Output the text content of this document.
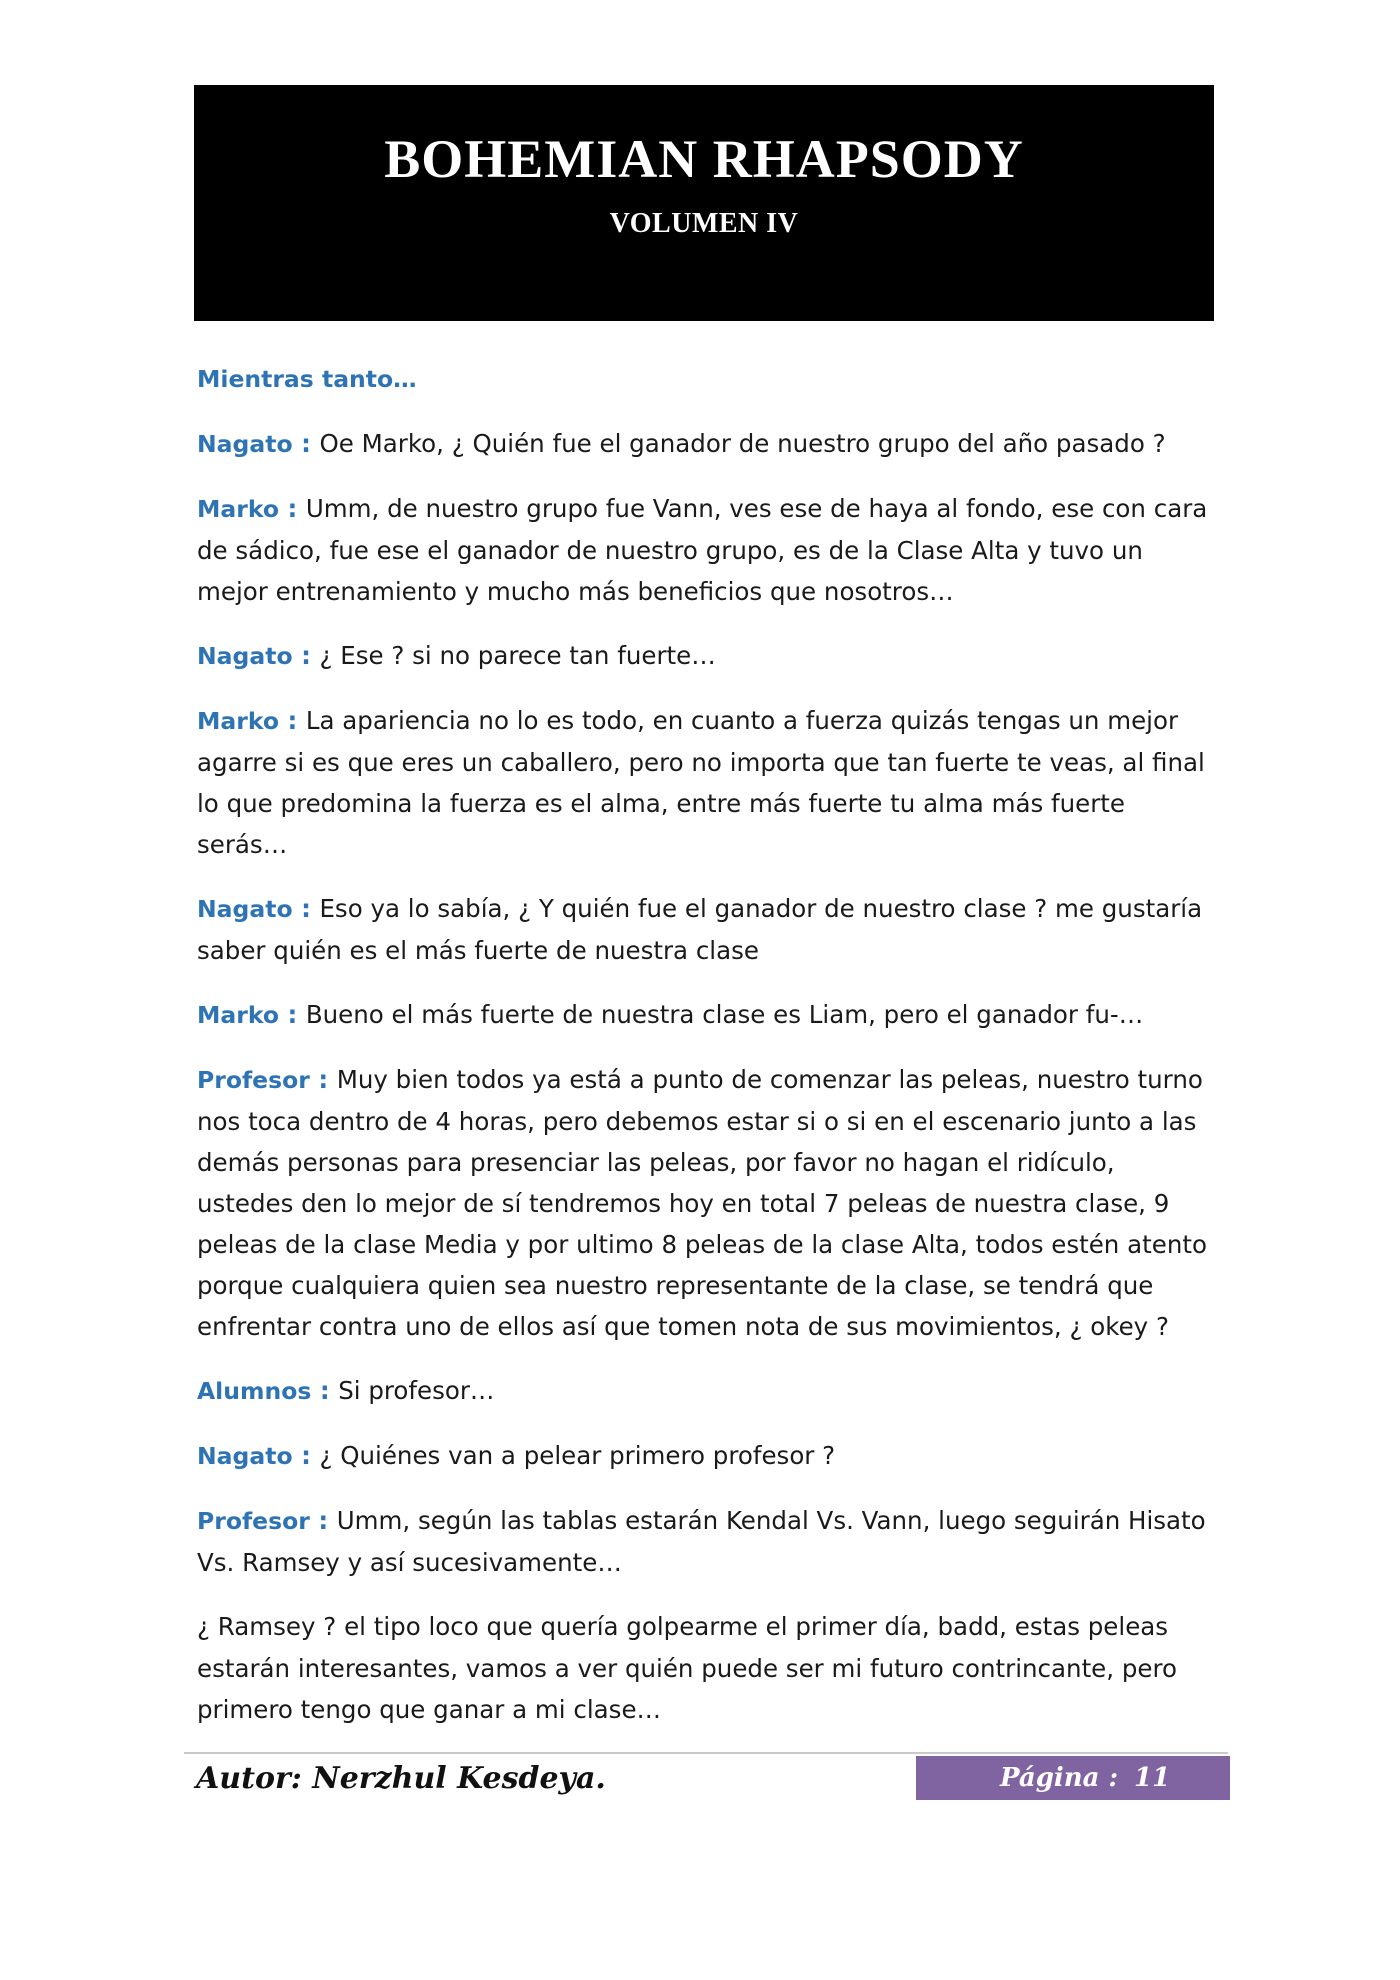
BOHEMIAN RHAPSODY
VOLUMEN IV

Mientras tanto…

Nagato : Oe Marko, ¿ Quién fue el ganador de nuestro grupo del año pasado ?

Marko : Umm, de nuestro grupo fue Vann, ves ese de haya al fondo, ese con cara de sádico, fue ese el ganador de nuestro grupo, es de la Clase Alta y tuvo un mejor entrenamiento y mucho más beneficios que nosotros…

Nagato : ¿ Ese ? si no parece tan fuerte…

Marko : La apariencia no lo es todo, en cuanto a fuerza quizás tengas un mejor agarre si es que eres un caballero, pero no importa que tan fuerte te veas, al final lo que predomina la fuerza es el alma, entre más fuerte tu alma más fuerte serás…

Nagato : Eso ya lo sabía, ¿ Y quién fue el ganador de nuestro clase ? me gustaría saber quién es el más fuerte de nuestra clase

Marko : Bueno el más fuerte de nuestra clase es Liam, pero el ganador fu-…

Profesor : Muy bien todos ya está a punto de comenzar las peleas, nuestro turno nos toca dentro de 4 horas, pero debemos estar si o si en el escenario junto a las demás personas para presenciar las peleas, por favor no hagan el ridículo, ustedes den lo mejor de sí tendremos hoy en total 7 peleas de nuestra clase, 9 peleas de la clase Media y por ultimo 8 peleas de la clase Alta, todos estén atento porque cualquiera quien sea nuestro representante de la clase, se tendrá que enfrentar contra uno de ellos así que tomen nota de sus movimientos, ¿ okey ?

Alumnos : Si profesor…

Nagato : ¿ Quiénes van a pelear primero profesor ?

Profesor : Umm, según las tablas estarán Kendal Vs. Vann, luego seguirán Hisato Vs. Ramsey y así sucesivamente…

¿ Ramsey ? el tipo loco que quería golpearme el primer día, badd, estas peleas estarán interesantes, vamos a ver quién puede ser mi futuro contrincante, pero primero tengo que ganar a mi clase…

Autor: Nerzhul Kesdeya.	Página : 11
